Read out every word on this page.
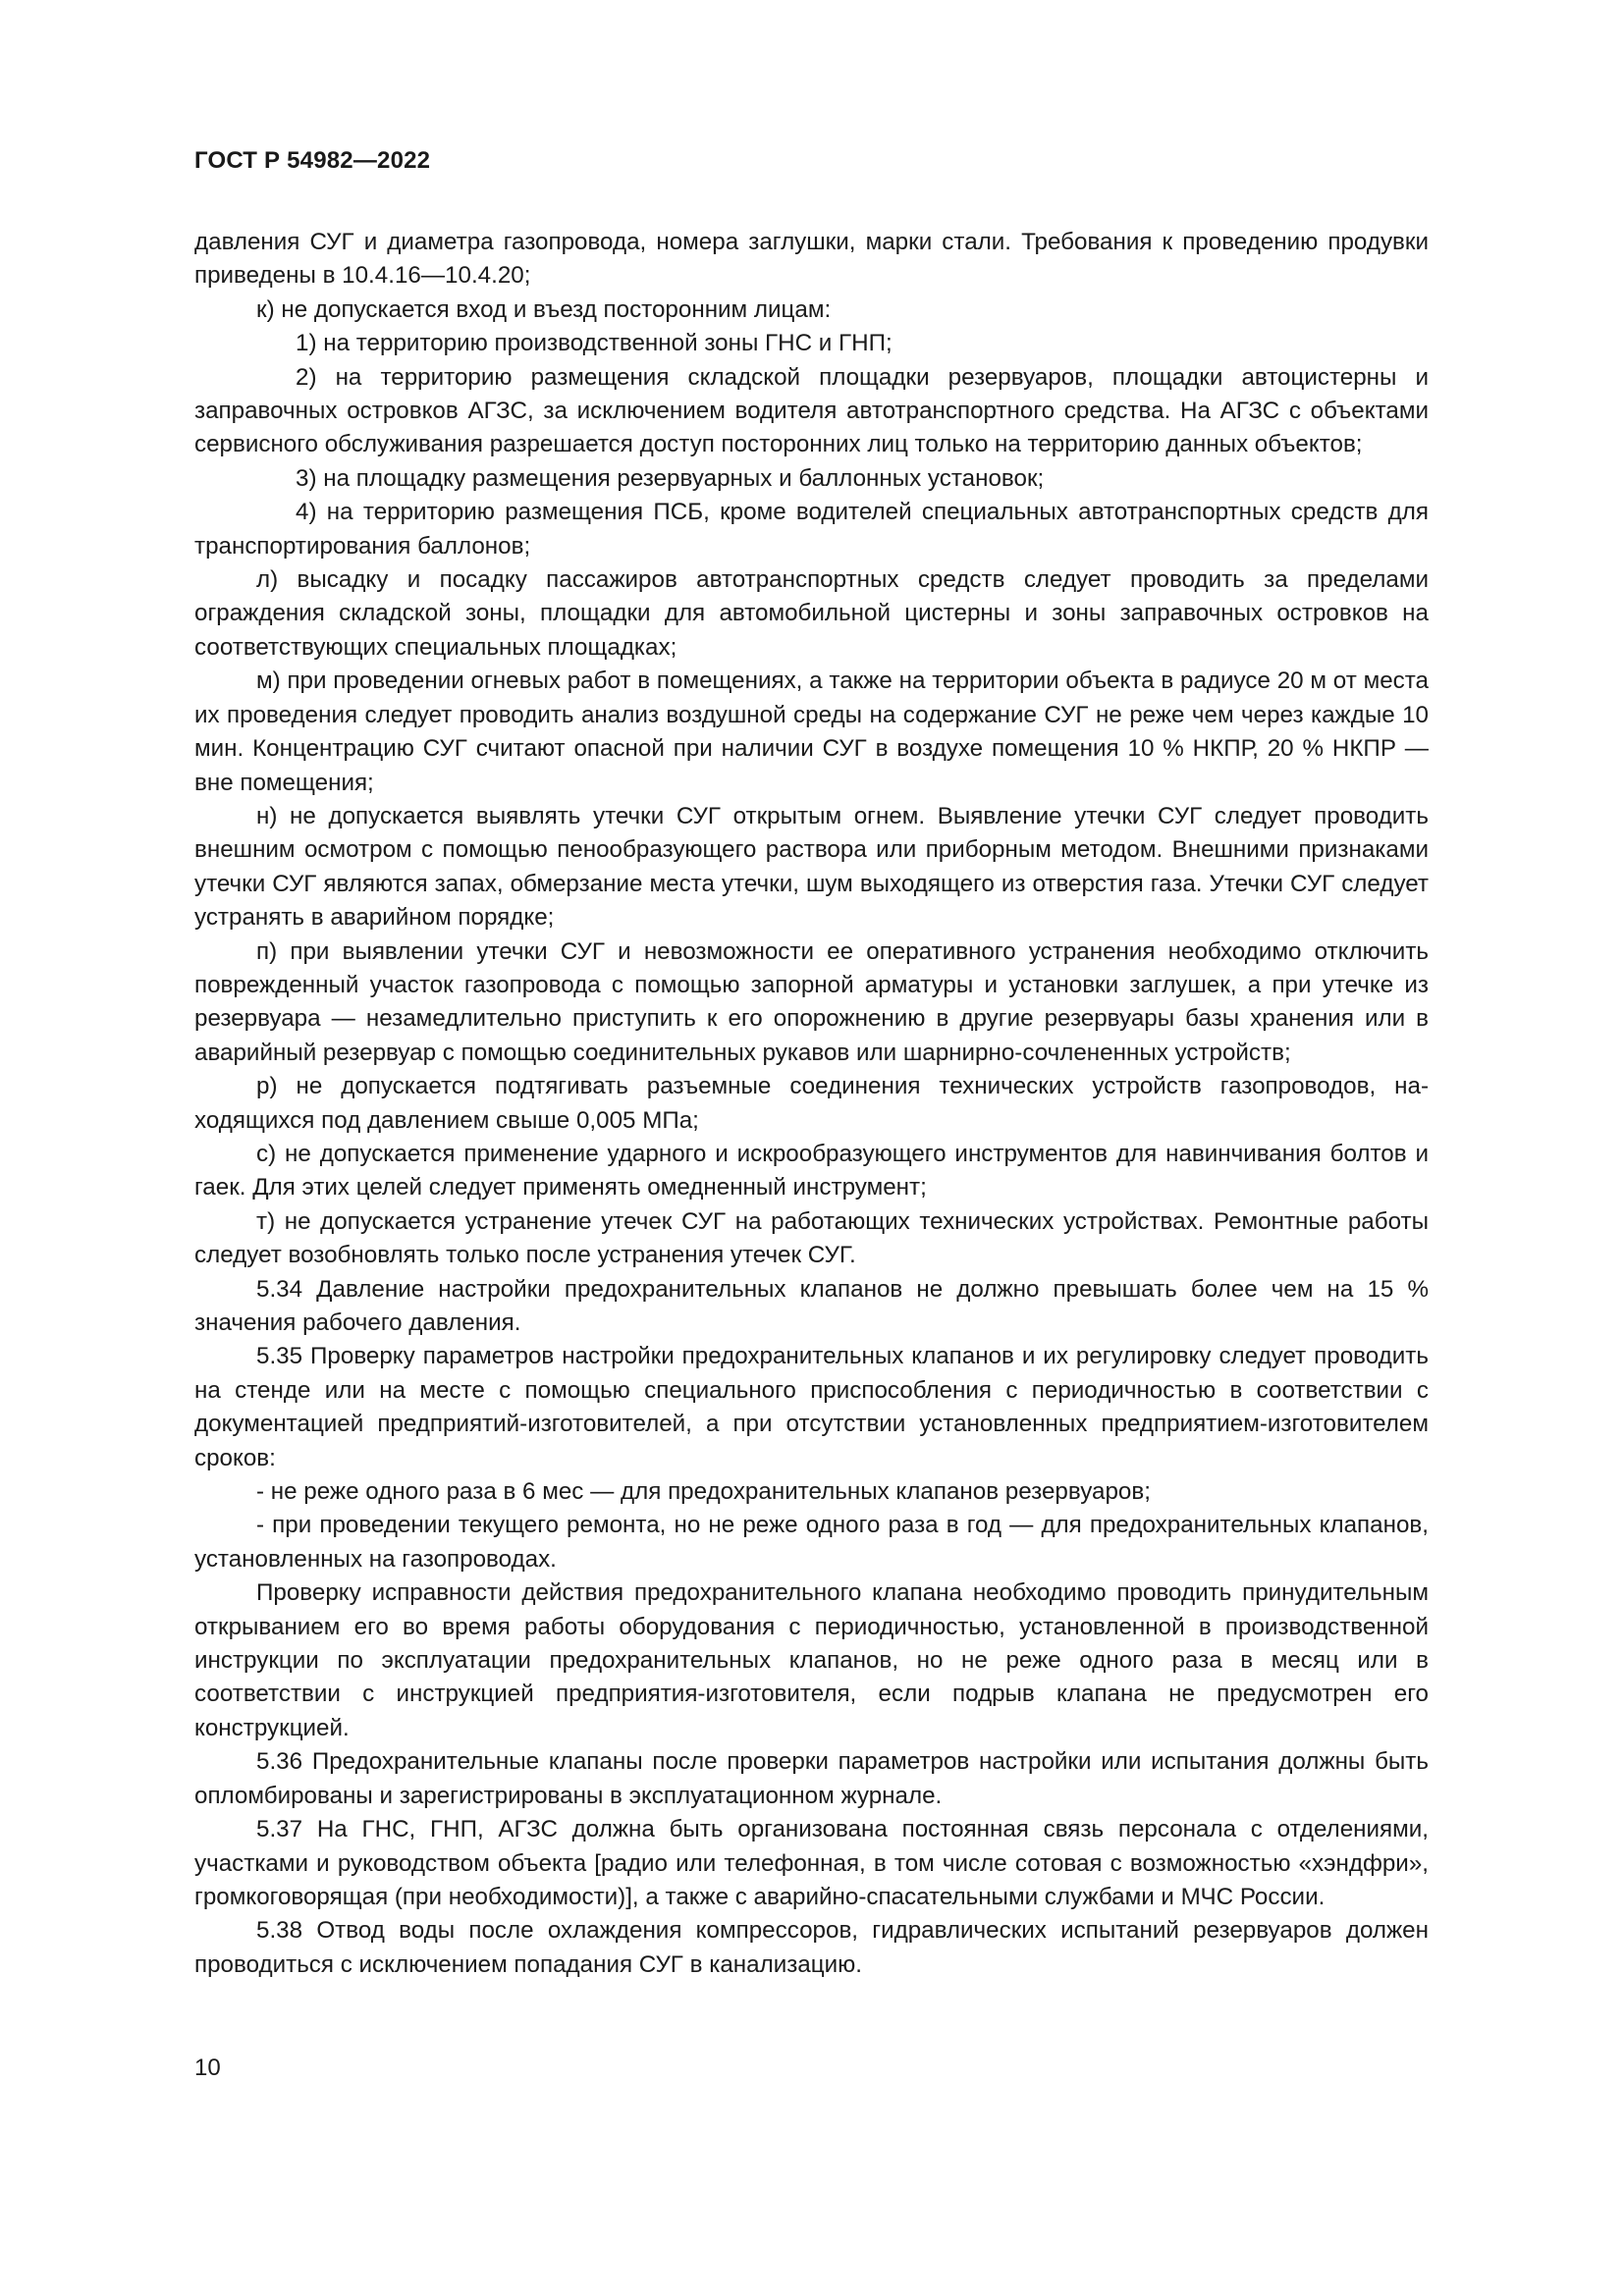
ГОСТ Р 54982—2022

давления СУГ и диаметра газопровода, номера заглушки, марки стали. Требования к проведению продувки приведены в 10.4.16—10.4.20;

к) не допускается вход и въезд посторонним лицам:

1) на территорию производственной зоны ГНС и ГНП;

2) на территорию размещения складской площадки резервуаров, площадки автоцистерны и заправочных островков АГЗС, за исключением водителя автотранспортного средства. На АГЗС с объектами сервисного обслуживания разрешается доступ посторонних лиц только на территорию данных объектов;

3) на площадку размещения резервуарных и баллонных установок;

4) на территорию размещения ПСБ, кроме водителей специальных автотранспортных средств для транспортирования баллонов;

л) высадку и посадку пассажиров автотранспортных средств следует проводить за пределами ограждения складской зоны, площадки для автомобильной цистерны и зоны заправочных островков на соответствующих специальных площадках;

м) при проведении огневых работ в помещениях, а также на территории объекта в радиусе 20 м от места их проведения следует проводить анализ воздушной среды на содержание СУГ не реже чем через каждые 10 мин. Концентрацию СУГ считают опасной при наличии СУГ в воздухе помещения 10 % НКПР, 20 % НКПР — вне помещения;

н) не допускается выявлять утечки СУГ открытым огнем. Выявление утечки СУГ следует проводить внешним осмотром с помощью пенообразующего раствора или приборным методом. Внешними признаками утечки СУГ являются запах, обмерзание места утечки, шум выходящего из отверстия газа. Утечки СУГ следует устранять в аварийном порядке;

п) при выявлении утечки СУГ и невозможности ее оперативного устранения необходимо отключить поврежденный участок газопровода с помощью запорной арматуры и установки заглушек, а при утечке из резервуара — незамедлительно приступить к его опорожнению в другие резервуары базы хранения или в аварийный резервуар с помощью соединительных рукавов или шарнирно-сочлененных устройств;

р) не допускается подтягивать разъемные соединения технических устройств газопроводов, находящихся под давлением свыше 0,005 МПа;

с) не допускается применение ударного и искрообразующего инструментов для навинчивания болтов и гаек. Для этих целей следует применять омедненный инструмент;

т) не допускается устранение утечек СУГ на работающих технических устройствах. Ремонтные работы следует возобновлять только после устранения утечек СУГ.

5.34 Давление настройки предохранительных клапанов не должно превышать более чем на 15 % значения рабочего давления.

5.35 Проверку параметров настройки предохранительных клапанов и их регулировку следует проводить на стенде или на месте с помощью специального приспособления с периодичностью в соответствии с документацией предприятий-изготовителей, а при отсутствии установленных предприятием-изготовителем сроков:

- не реже одного раза в 6 мес — для предохранительных клапанов резервуаров;

- при проведении текущего ремонта, но не реже одного раза в год — для предохранительных клапанов, установленных на газопроводах.

Проверку исправности действия предохранительного клапана необходимо проводить принудительным открыванием его во время работы оборудования с периодичностью, установленной в производственной инструкции по эксплуатации предохранительных клапанов, но не реже одного раза в месяц или в соответствии с инструкцией предприятия-изготовителя, если подрыв клапана не предусмотрен его конструкцией.

5.36 Предохранительные клапаны после проверки параметров настройки или испытания должны быть опломбированы и зарегистрированы в эксплуатационном журнале.

5.37 На ГНС, ГНП, АГЗС должна быть организована постоянная связь персонала с отделениями, участками и руководством объекта [радио или телефонная, в том числе сотовая с возможностью «хэндфри», громкоговорящая (при необходимости)], а также с аварийно-спасательными службами и МЧС России.

5.38 Отвод воды после охлаждения компрессоров, гидравлических испытаний резервуаров должен проводиться с исключением попадания СУГ в канализацию.

10
